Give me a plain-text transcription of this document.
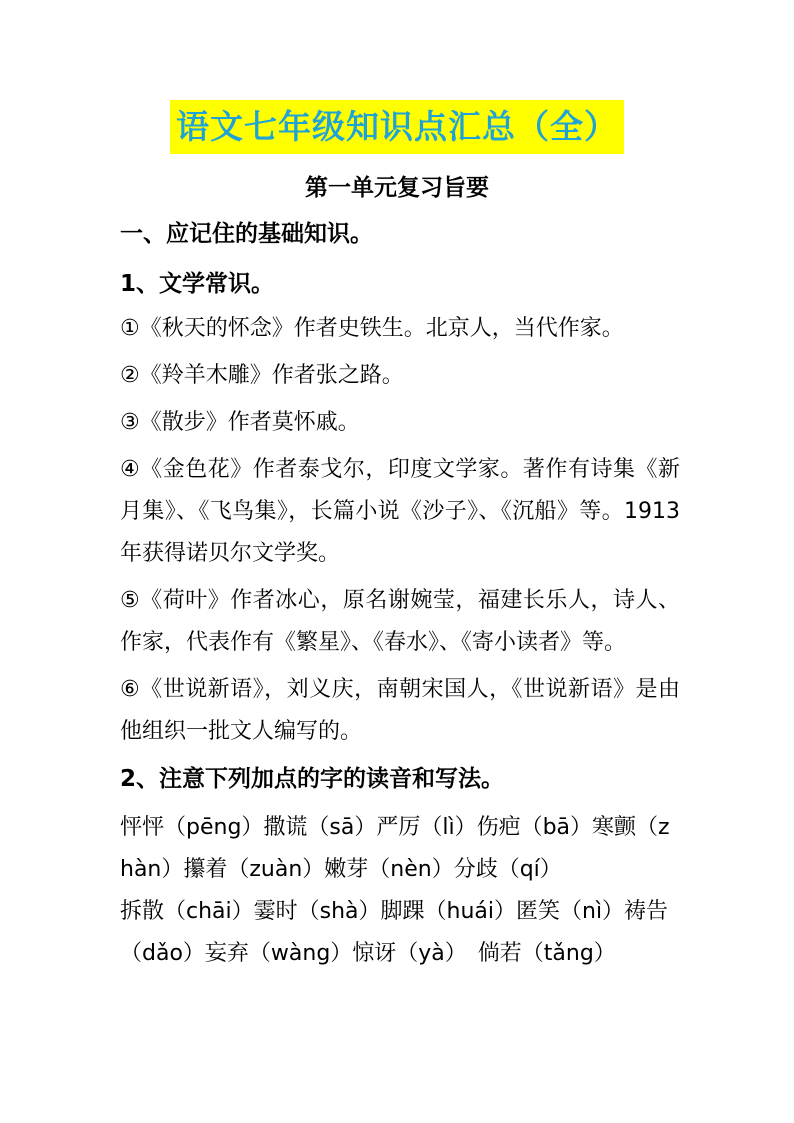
语文七年级知识点汇总（全）
第一单元复习旨要

一、应记住的基础知识。

1、文学常识。

①《秋天的怀念》作者史铁生。北京人，当代作家。

②《羚羊木雕》作者张之路。

③《散步》作者莫怀戚。

④《金色花》作者泰戈尔，印度文学家。著作有诗集《新月集》、《飞鸟集》，长篇小说《沙子》、《沉船》等。1913年获得诺贝尔文学奖。

⑤《荷叶》作者冰心，原名谢婉莹，福建长乐人，诗人、作家，代表作有《繁星》、《春水》、《寄小读者》等。

⑥《世说新语》，刘义庆，南朝宋国人，《世说新语》是由他组织一批文人编写的。

2、注意下列加点的字的读音和写法。

怦怦（pēng）撒谎（sā）严厉（lì）伤疤（bā）寒颤（zhàn）攥着（zuàn）嫩芽（nèn）分歧（qí）

拆散（chāi）霎时（shà）脚踝（huái）匿笑（nì）祷告（dǎo）妄弃（wàng）惊讶（yà）　倘若（tǎng）
